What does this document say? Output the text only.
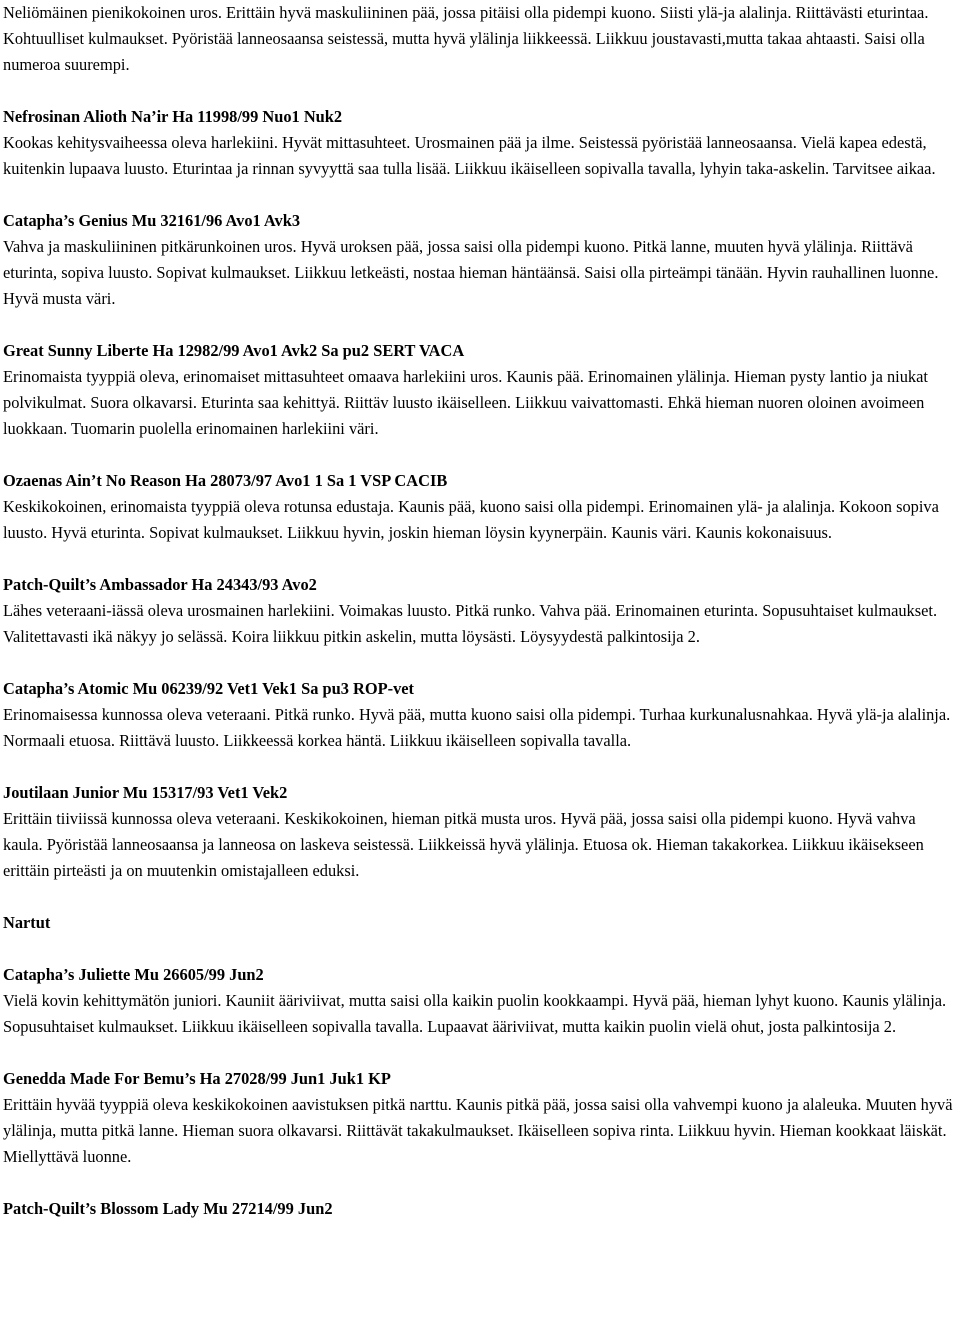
Neliömäinen pienikokoinen uros. Erittäin hyvä maskuliininen pää, jossa pitäisi olla pidempi kuono. Siisti ylä-ja alalinja. Riittävästi eturintaa. Kohtuulliset kulmaukset. Pyöristää lanneosaansa seistessä, mutta hyvä ylälinja liikkeessä. Liikkuu joustavasti,mutta takaa ahtaasti. Saisi olla numeroa suurempi.

Nefrosinan Alioth Na’ir Ha 11998/99 Nuo1 Nuk2
Kookas kehitysvaiheessa oleva harlekiini. Hyvät mittasuhteet. Urosmainen pää ja ilme. Seistessä pyöristää lanneosaansa. Vielä kapea edestä, kuitenkin lupaava luusto. Eturintaa ja rinnan syvyyttä saa tulla lisää. Liikkuu ikäiselleen sopivalla tavalla, lyhyin taka-askelin. Tarvitsee aikaa.
Catapha’s Genius Mu 32161/96 Avo1 Avk3
Vahva ja maskuliininen pitkärunkoinen uros. Hyvä uroksen pää, jossa saisi olla pidempi kuono. Pitkä lanne, muuten hyvä ylälinja. Riittävä eturinta, sopiva luusto. Sopivat kulmaukset. Liikkuu letkeästi, nostaa hieman häntäänsä. Saisi olla pirteämpi tänään. Hyvin rauhallinen luonne. Hyvä musta väri.
Great Sunny Liberte Ha 12982/99 Avo1 Avk2 Sa pu2 SERT VACA
Erinomaista tyyppiä oleva, erinomaiset mittasuhteet omaava harlekiini uros. Kaunis pää. Erinomainen ylälinja. Hieman pysty lantio ja niukat polvikulmat. Suora olkavarsi. Eturinta saa kehittyä. Riittäv luusto ikäiselleen. Liikkuu vaivattomasti. Ehkä hieman nuoren oloinen avoimeen luokkaan. Tuomarin puolella erinomainen harlekiini väri.
Ozaenas Ain’t No Reason Ha 28073/97 Avo1 1 Sa 1 VSP CACIB
Keskikokoinen, erinomaista tyyppiä oleva rotunsa edustaja. Kaunis pää, kuono saisi olla pidempi. Erinomainen ylä- ja alalinja. Kokoon sopiva luusto. Hyvä eturinta. Sopivat kulmaukset. Liikkuu hyvin, joskin hieman löysin kyynerpäin. Kaunis väri. Kaunis kokonaisuus.
Patch-Quilt’s Ambassador Ha 24343/93 Avo2
Lähes veteraani-iässä oleva urosmainen harlekiini. Voimakas luusto. Pitkä runko. Vahva pää. Erinomainen eturinta. Sopusuhtaiset kulmaukset. Valitettavasti ikä näkyy jo selässä. Koira liikkuu pitkin askelin, mutta löysästi. Löysyydestä palkintosija 2.
Catapha’s Atomic Mu 06239/92 Vet1 Vek1 Sa pu3 ROP-vet
Erinomaisessa kunnossa oleva veteraani. Pitkä runko. Hyvä pää, mutta kuono saisi olla pidempi. Turhaa kurkunalusnahkaa. Hyvä ylä-ja alalinja. Normaali etuosa. Riittävä luusto. Liikkeessä korkea häntä. Liikkuu ikäiselleen sopivalla tavalla.
Joutilaan Junior Mu 15317/93 Vet1 Vek2
Erittäin tiiviissä kunnossa oleva veteraani. Keskikokoinen, hieman pitkä musta uros. Hyvä pää, jossa saisi olla pidempi kuono. Hyvä vahva kaula. Pyöristää lanneosaansa ja lanneosa on laskeva seistessä. Liikkeissä hyvä ylälinja. Etuosa ok. Hieman takakorkea. Liikkuu ikäisekseen erittäin pirteästi ja on muutenkin omistajalleen eduksi.
Nartut
Catapha’s Juliette Mu 26605/99 Jun2
Vielä kovin kehittymätön juniori. Kauniit ääriviivat, mutta saisi olla kaikin puolin kookkaampi. Hyvä pää, hieman lyhyt kuono. Kaunis ylälinja. Sopusuhtaiset kulmaukset. Liikkuu ikäiselleen sopivalla tavalla. Lupaavat ääriviivat, mutta kaikin puolin vielä ohut, josta palkintosija 2.
Genedda Made For Bemu’s Ha 27028/99 Jun1 Juk1 KP
Erittäin hyvää tyyppiä oleva keskikokoinen aavistuksen pitkä narttu. Kaunis pitkä pää, jossa saisi olla vahvempi kuono ja alaleuka. Muuten hyvä ylälinja, mutta pitkä lanne. Hieman suora olkavarsi. Riittävät takakulmaukset. Ikäiselleen sopiva rinta. Liikkuu hyvin. Hieman kookkaat läiskät. Miellyttävä luonne.
Patch-Quilt’s Blossom Lady Mu 27214/99 Jun2
